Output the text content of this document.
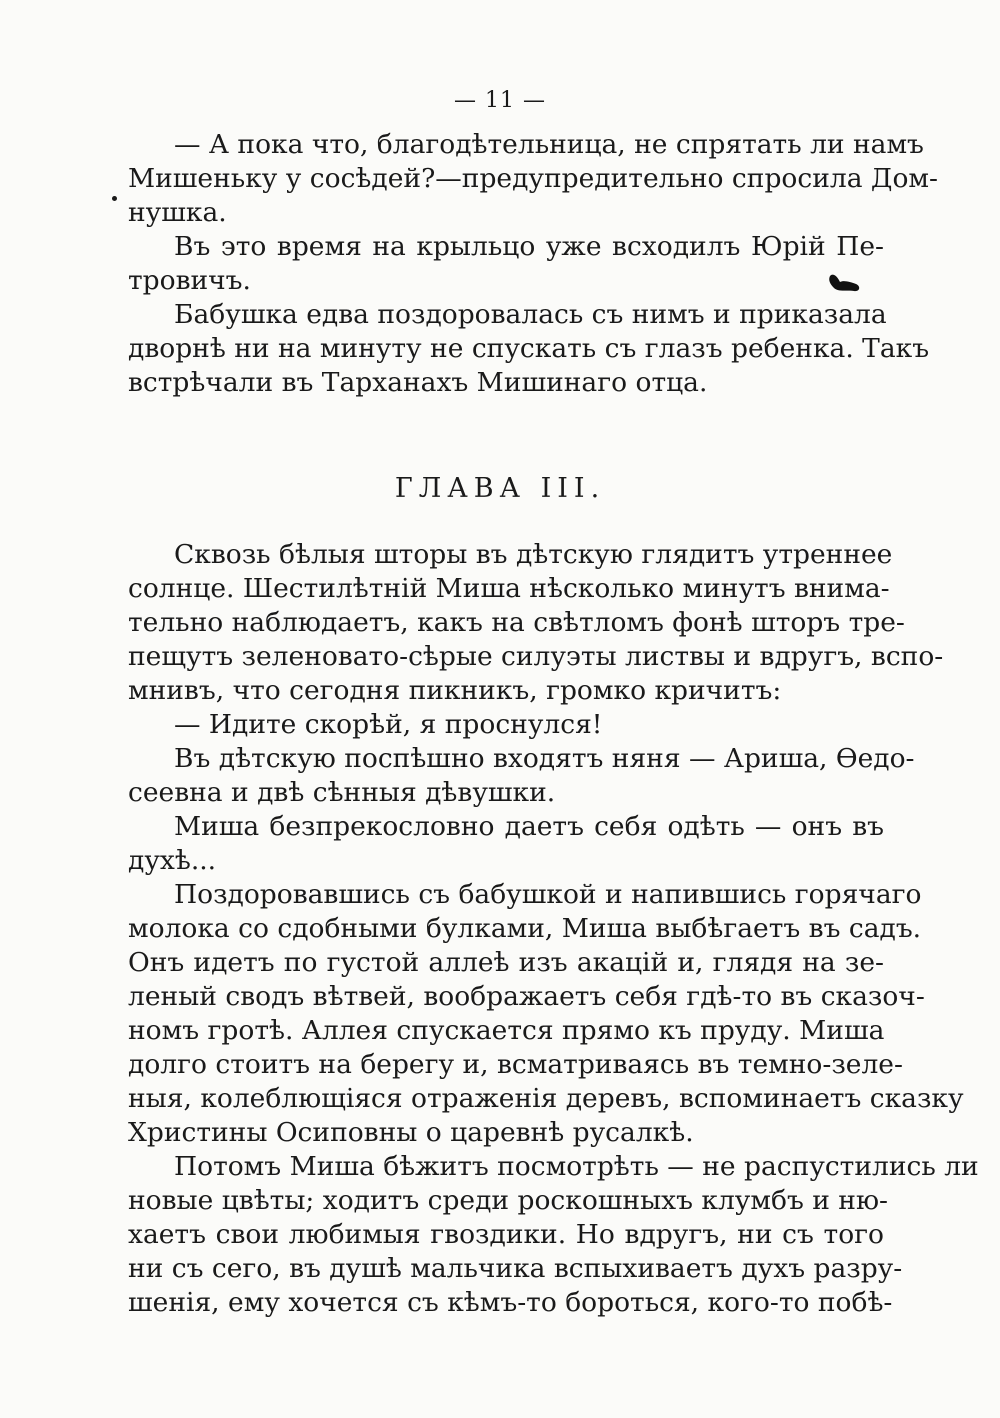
— 11 —
— А пока что, благодѣтельница, не спрятать ли намъ
Мишеньку у сосѣдей?—предупредительно спросила Дом-
нушка.
Въ это время на крыльцо уже всходилъ Юрій Пе-
тровичъ.
Бабушка едва поздоровалась съ нимъ и приказала
дворнѣ ни на минуту не спускать съ глазъ ребенка. Такъ
встрѣчали въ Тарханахъ Мишинаго отца.
ГЛАВА III.
Сквозь бѣлыя шторы въ дѣтскую глядитъ утреннее
солнце. Шестилѣтній Миша нѣсколько минутъ внима-
тельно наблюдаетъ, какъ на свѣтломъ фонѣ шторъ тре-
пещутъ зеленовато-сѣрые силуэты листвы и вдругъ, вспо-
мнивъ, что сегодня пикникъ, громко кричитъ:
— Идите скорѣй, я проснулся!
Въ дѣтскую поспѣшно входятъ няня — Ариша, Ѳедо-
сеевна и двѣ сѣнныя дѣвушки.
Миша безпрекословно даетъ себя одѣть — онъ въ
духѣ...
Поздоровавшись съ бабушкой и напившись горячаго
молока со сдобными булками, Миша выбѣгаетъ въ садъ.
Онъ идетъ по густой аллеѣ изъ акацій и, глядя на зе-
леный сводъ вѣтвей, воображаетъ себя гдѣ-то въ сказоч-
номъ гротѣ. Аллея спускается прямо къ пруду. Миша
долго стоитъ на берегу и, всматриваясь въ темно-зеле-
ныя, колеблющіяся отраженія деревъ, вспоминаетъ сказку
Христины Осиповны о царевнѣ русалкѣ.
Потомъ Миша бѣжитъ посмотрѣть — не распустились ли
новые цвѣты; ходитъ среди роскошныхъ клумбъ и ню-
хаетъ свои любимыя гвоздики. Но вдругъ, ни съ того
ни съ сего, въ душѣ мальчика вспыхиваетъ духъ разру-
шенія, ему хочется съ кѣмъ-то бороться, кого-то побѣ-
